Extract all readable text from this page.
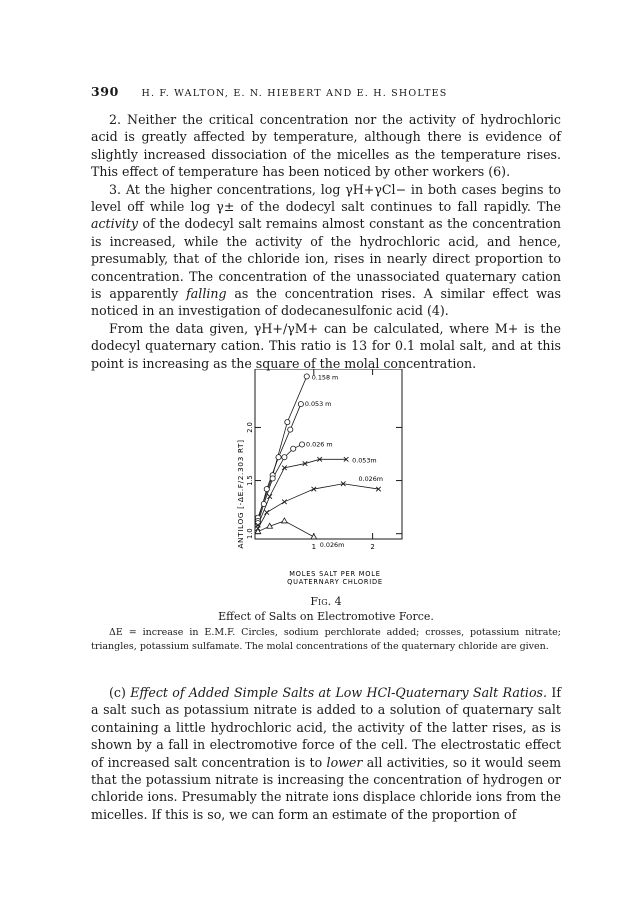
390 H. F. WALTON, E. N. HIEBERT AND E. H. SHOLTES

2. Neither the critical concentration nor the activity of hydrochloric acid is greatly affected by temperature, although there is evidence of slightly increased dissociation of the micelles as the temperature rises. This effect of temperature has been noticed by other workers (6).

3. At the higher concentrations, log γH+γCl− in both cases begins to level off while log γ± of the dodecyl salt continues to fall rapidly. The activity of the dodecyl salt remains almost constant as the concentration is increased, while the activity of the hydrochloric acid, and hence, presumably, that of the chloride ion, rises in nearly direct proportion to concentration. The concentration of the unassociated quaternary cation is apparently falling as the concentration rises. A similar effect was noticed in an investigation of dodecanesulfonic acid (4).

From the data given, γH+/γM+ can be calculated, where M+ is the dodecyl quaternary cation. This ratio is 13 for 0.1 molal salt, and at this point is increasing as the square of the molal concentration.

1.0
1.5
2.0
1	2
0.158 m
0.053 m
0.026 m
0.053m
0.026m
0.026m
ANTILOG [-ΔE.F/2.303 RT]
MOLES SALT PER MOLE
QUATERNARY CHLORIDE
Fig. 4
Effect of Salts on Electromotive Force.
ΔE = increase in E.M.F. Circles, sodium perchlorate added; crosses, potassium nitrate; triangles, potassium sulfamate. The molal concentrations of the quaternary chloride are given.

(c) Effect of Added Simple Salts at Low HCl-Quaternary Salt Ratios. If a salt such as potassium nitrate is added to a solution of quaternary salt containing a little hydrochloric acid, the activity of the latter rises, as is shown by a fall in electromotive force of the cell. The electrostatic effect of increased salt concentration is to lower all activities, so it would seem that the potassium nitrate is increasing the concentration of hydrogen or chloride ions. Presumably the nitrate ions displace chloride ions from the micelles. If this is so, we can form an estimate of the proportion of
